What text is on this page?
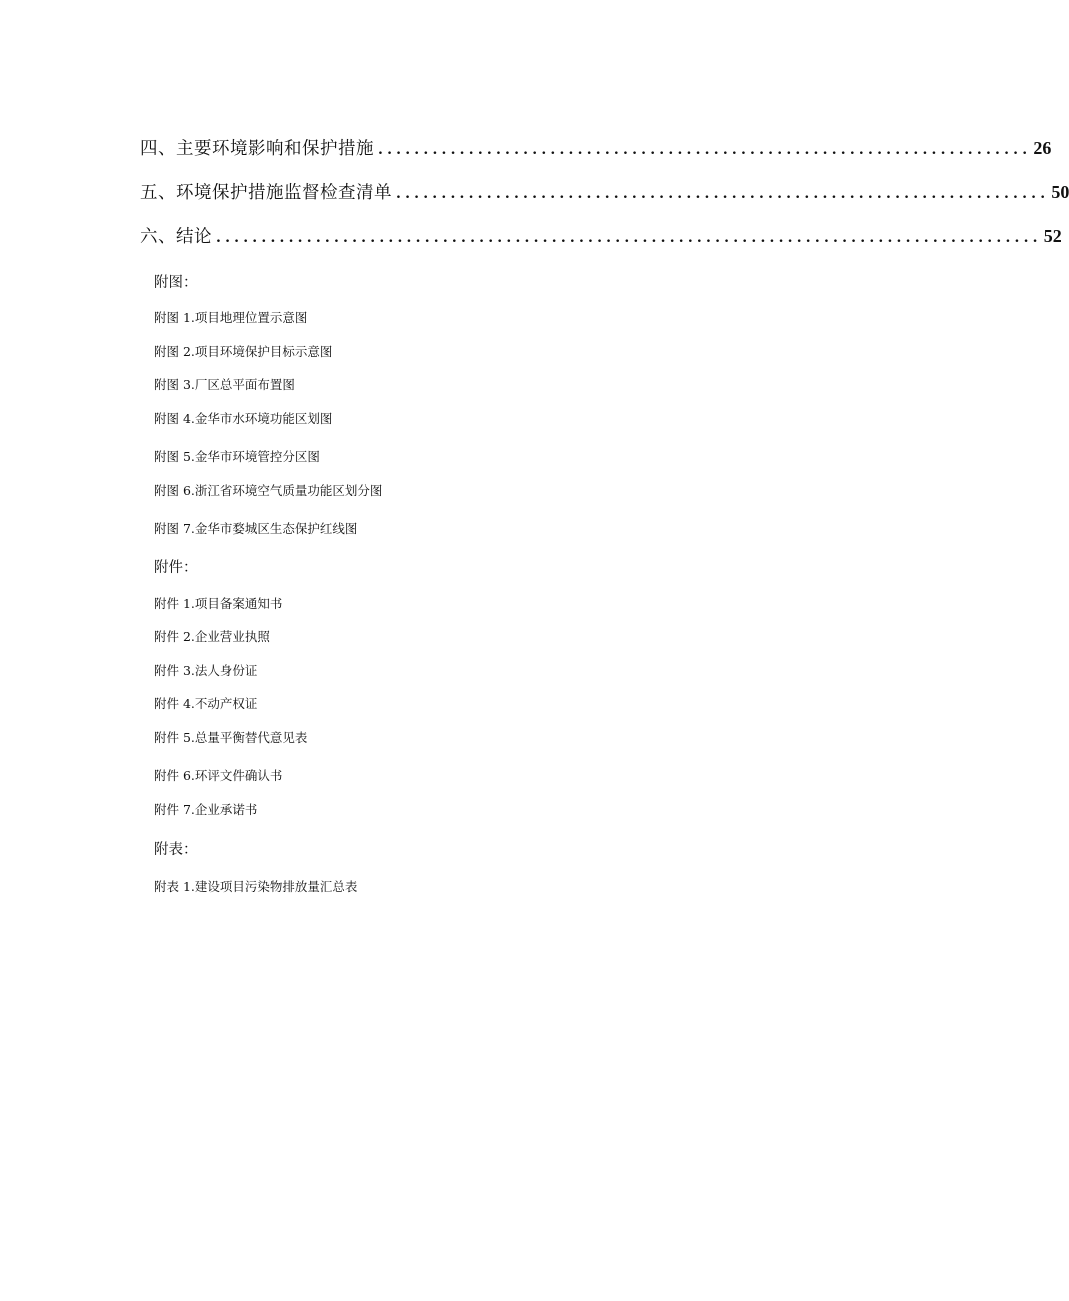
四、主要环境影响和保护措施 ........................................................................ 26
五、环境保护措施监督检查清单 ........................................................................ 50
六、结论 ........................................................................................... 52
附图：
附图 1.项目地理位置示意图
附图 2.项目环境保护目标示意图
附图 3.厂区总平面布置图
附图 4.金华市水环境功能区划图
附图 5.金华市环境管控分区图
附图 6.浙江省环境空气质量功能区划分图
附图 7.金华市婺城区生态保护红线图
附件：
附件 1.项目备案通知书
附件 2.企业营业执照
附件 3.法人身份证
附件 4.不动产权证
附件 5.总量平衡替代意见表
附件 6.环评文件确认书
附件 7.企业承诺书
附表：
附表 1.建设项目污染物排放量汇总表
